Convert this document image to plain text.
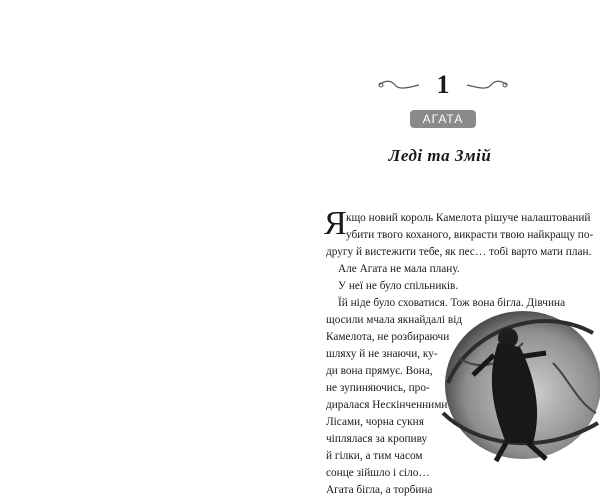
1
АГАТА
Леді та Змій
Я кщо новий король Камелота рішуче налаштований
убити твого коханого, викрасти твою найкращу по-
другу й вистежити тебе, як пес… тобі варто мати план.
Але Агата не мала плану.
У неї не було спільників.
Їй ніде було сховатися. Тож вона бігла. Дівчина
щосили мчала якнайдалі від
Камелота, не розбираючи
шляху й не знаючи, ку-
ди вона прямує. Вона,
не зупиняючись, про-
диралася Нескінченними
Лісами, чорна сукня
чіплялася за кропиву
й гілки, а тим часом
сонце зійшло і сіло…
Агата бігла, а торбина
